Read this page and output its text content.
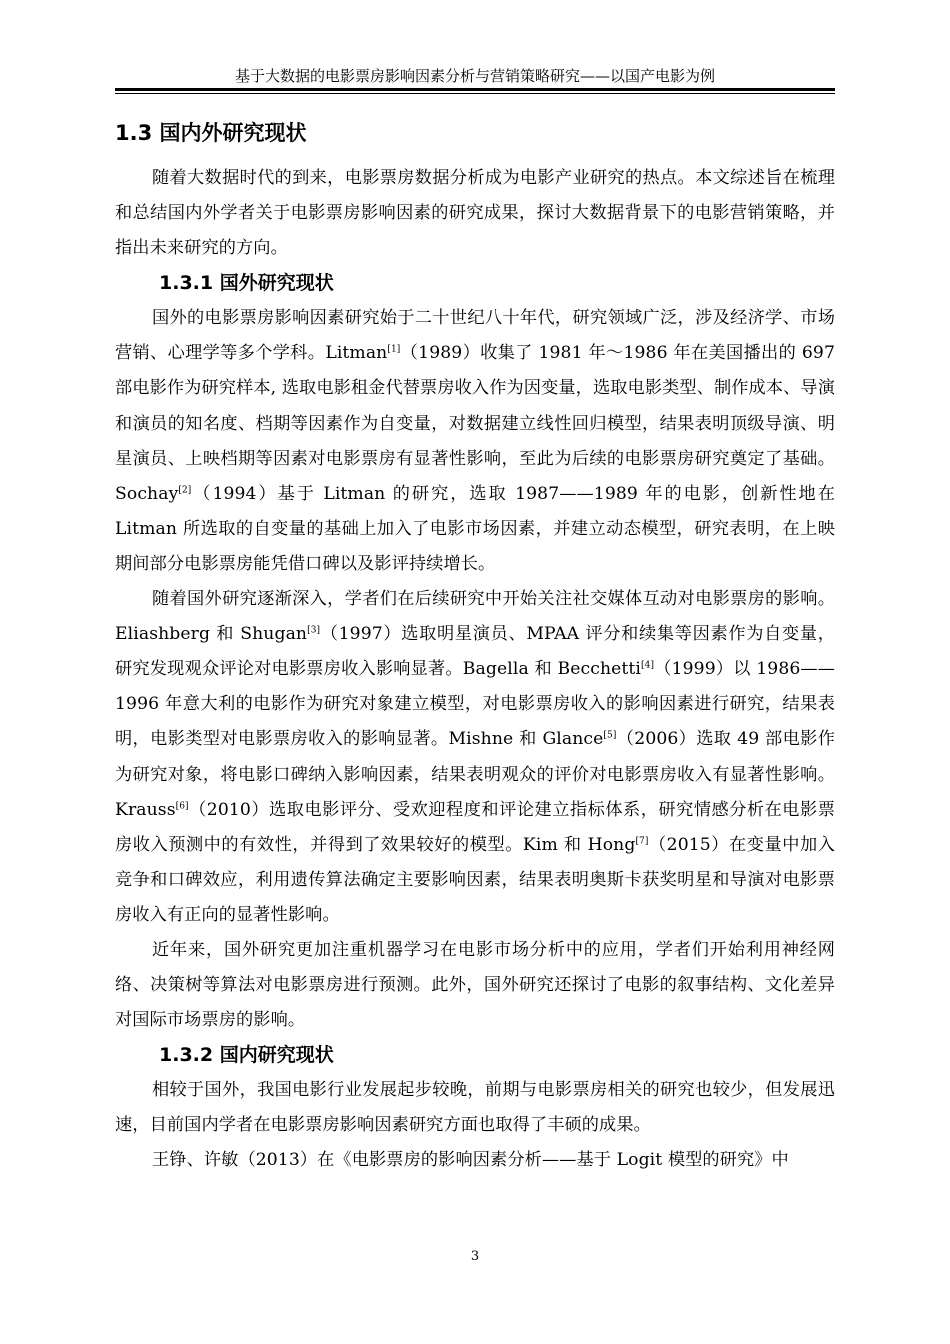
基于大数据的电影票房影响因素分析与营销策略研究——以国产电影为例
1.3 国内外研究现状

随着大数据时代的到来，电影票房数据分析成为电影产业研究的热点。本文综述旨在梳理和总结国内外学者关于电影票房影响因素的研究成果，探讨大数据背景下的电影营销策略，并指出未来研究的方向。

1.3.1 国外研究现状

国外的电影票房影响因素研究始于二十世纪八十年代，研究领域广泛，涉及经济学、市场营销、心理学等多个学科。Litman[1]（1989）收集了 1981 年～1986 年在美国播出的 697 部电影作为研究样本, 选取电影租金代替票房收入作为因变量，选取电影类型、制作成本、导演和演员的知名度、档期等因素作为自变量，对数据建立线性回归模型，结果表明顶级导演、明星演员、上映档期等因素对电影票房有显著性影响，至此为后续的电影票房研究奠定了基础。Sochay[2]（1994）基于 Litman 的研究，选取 1987——1989 年的电影，创新性地在 Litman 所选取的自变量的基础上加入了电影市场因素，并建立动态模型，研究表明，在上映期间部分电影票房能凭借口碑以及影评持续增长。

随着国外研究逐渐深入，学者们在后续研究中开始关注社交媒体互动对电影票房的影响。Eliashberg 和 Shugan[3]（1997）选取明星演员、MPAA 评分和续集等因素作为自变量，研究发现观众评论对电影票房收入影响显著。Bagella 和 Becchetti[4]（1999）以 1986——1996 年意大利的电影作为研究对象建立模型，对电影票房收入的影响因素进行研究，结果表明，电影类型对电影票房收入的影响显著。Mishne 和 Glance[5]（2006）选取 49 部电影作为研究对象，将电影口碑纳入影响因素，结果表明观众的评价对电影票房收入有显著性影响。Krauss[6]（2010）选取电影评分、受欢迎程度和评论建立指标体系，研究情感分析在电影票房收入预测中的有效性，并得到了效果较好的模型。Kim 和 Hong[7]（2015）在变量中加入竞争和口碑效应，利用遗传算法确定主要影响因素，结果表明奥斯卡获奖明星和导演对电影票房收入有正向的显著性影响。

近年来，国外研究更加注重机器学习在电影市场分析中的应用，学者们开始利用神经网络、决策树等算法对电影票房进行预测。此外，国外研究还探讨了电影的叙事结构、文化差异对国际市场票房的影响。

1.3.2 国内研究现状

相较于国外，我国电影行业发展起步较晚，前期与电影票房相关的研究也较少，但发展迅速，目前国内学者在电影票房影响因素研究方面也取得了丰硕的成果。

王铮、许敏（2013）在《电影票房的影响因素分析——基于 Logit 模型的研究》中

3
